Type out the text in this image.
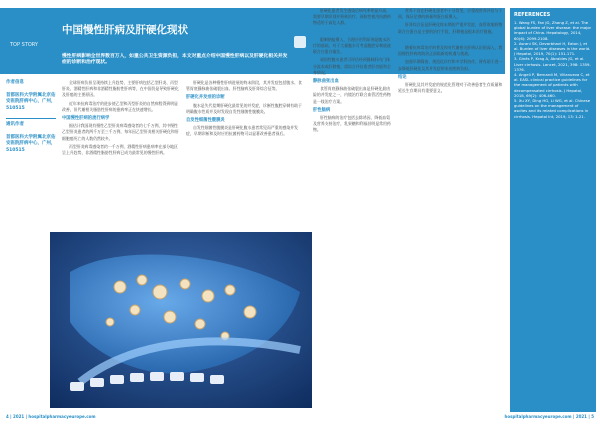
中国慢性肝病及肝硬化现状
TOP STORY
慢性肝病影响全世界数百万人，如重公共卫生资源负担，本文对重点介绍中国慢性肝病以及肝硬化相关并发症的诊断和治疗现状。
作者信息
首都医科大学附属北京佑安医院肝病中心，广州，510515
通讯作者
首都医科大学附属北京佑安医院肝病中心，广州，510515

全球肝病负担呈现持续上升趋势，主要肝病包括乙型肝炎、丙型肝炎、酒精性肝病和非酒精性脂肪性肝病等，在中国仍是导致肝硬化及肝癌的主要原因。

近年来抗病毒治疗的进步使乙型和丙型肝炎的自然病程得到明显改善，但代谢相关脂肪性肝病的患病率正在快速增长。

中国慢性肝病的流行病学

据估计我国现有慢性乙型肝炎病毒感染者约七千万例，其中慢性乙型肝炎患者约两千万至三千万例，每年因乙型肝炎相关肝硬化和肝细胞癌死亡的人数仍然较多。

丙型肝炎病毒感染者约一千万例，酒精性肝病患病率在部分地区呈上升趋势，非酒精性脂肪性肝病已成为最常见的慢性肝病。

肝硬化是各种慢性肝病进展的终末阶段，其并发症包括腹水、食管胃底静脉曲张破裂出血、肝性脑病及肝肾综合征等。

肝硬化并发症的诊断

腹水是失代偿期肝硬化最常见的并发症，诊断性腹腔穿刺有助于明确腹水性质并及时发现自发性细菌性腹膜炎。

自发性细菌性腹膜炎

自发性细菌性腹膜炎是肝硬化腹水患者常见而严重的感染并发症，早期诊断和及时应用抗菌药物可以显著改善患者预后。

肝硬化患者发生感染后病死率明显升高，需要早期识别并积极治疗，预防性使用抗菌药物适用于高危人群。

腹水的治疗

限制钠盐摄入、合理应用利尿剂是腹水治疗的基础，对于大量腹水可考虑腹腔穿刺放液联合白蛋白输注。

顽固性腹水患者可评估经颈静脉肝内门体分流术或肝移植，需综合评估患者肝功能和全身情况。

静脉曲张出血

食管胃底静脉曲张破裂出血是肝硬化最凶险的并发症之一，内镜治疗联合血管活性药物是一线治疗方案。

肝性脑病

肝性脑病的治疗包括去除诱因、降低血氨及营养支持治疗，乳果糖和利福昔明是常用药物。

营养不良在肝硬化患者中十分常见，应重视营养评估与干预，保证足够的热量和蛋白质摄入。

肝肾综合征是肝硬化终末期的严重并发症，血管收缩药物联合白蛋白是主要的治疗手段，肝移植是根本治疗措施。

展望

随着抗病毒治疗的普及和对代谢相关肝病认识的深入，我国慢性肝病的防治正面临新的机遇与挑战。

加强早期筛查、规范化诊疗和多学科协作，将有助于进一步降低肝硬化及其并发症带来的疾病负担。

结论

肝硬化及其并发症的规范化管理对于改善患者生存质量和延长生存期具有重要意义。

REFERENCES

1. Wang FS, Fan JG, Zhang Z, et al. The global burden of liver disease: the major impact of China. Hepatology, 2014, 60(6): 2099-2108.

2. Asrani SK, Devarbhavi H, Eaton J, et al. Burden of liver diseases in the world. J Hepatol, 2019, 70(1): 151-171.

3. Ginès P, Krag A, Abraldes JG, et al. Liver cirrhosis. Lancet, 2021, 398: 1359-1376.

4. Angeli P, Bernardi M, Villanueva C, et al. EASL clinical practice guidelines for the management of patients with decompensated cirrhosis. J Hepatol, 2018, 69(2): 406-460.

5. Xu XY, Ding HG, Li WG, et al. Chinese guidelines on the management of ascites and its related complications in cirrhosis. Hepatol Int, 2019, 13: 1-21.

4 | 2021 | hospitalpharmacyeurope.com	hospitalpharmacyeurope.com | 2021 | 5
